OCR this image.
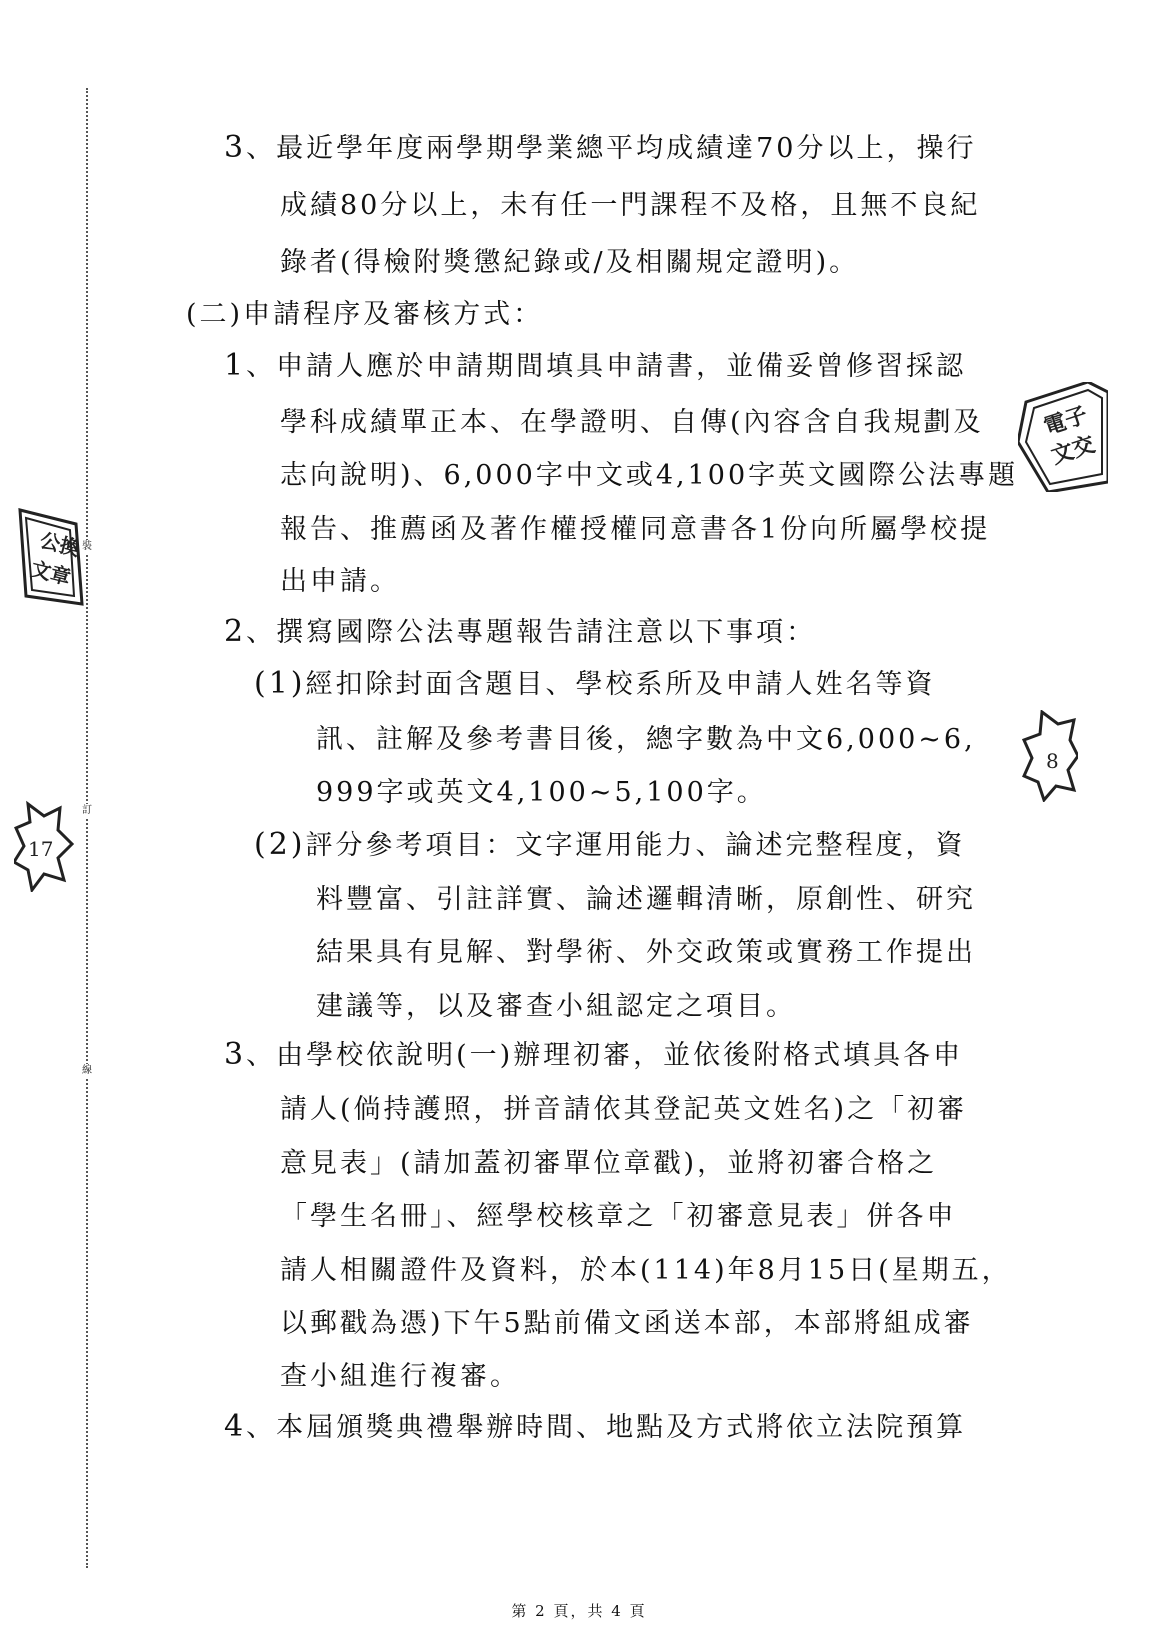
裝
訂
線
3、最近學年度兩學期學業總平均成績達70分以上，操行
成績80分以上，未有任一門課程不及格，且無不良紀
錄者(得檢附獎懲紀錄或/及相關規定證明)。
(二)申請程序及審核方式：
1、申請人應於申請期間填具申請書，並備妥曾修習採認
學科成績單正本、在學證明、自傳(內容含自我規劃及
志向說明)、6,000字中文或4,100字英文國際公法專題
報告、推薦函及著作權授權同意書各1份向所屬學校提
出申請。
2、撰寫國際公法專題報告請注意以下事項：
(1)經扣除封面含題目、學校系所及申請人姓名等資
訊、註解及參考書目後，總字數為中文6,000~6,
999字或英文4,100~5,100字。
(2)評分參考項目：文字運用能力、論述完整程度，資
料豐富、引註詳實、論述邏輯清晰，原創性、研究
結果具有見解、對學術、外交政策或實務工作提出
建議等，以及審查小組認定之項目。
3、由學校依說明(一)辦理初審，並依後附格式填具各申
請人(倘持護照，拼音請依其登記英文姓名)之「初審
意見表」(請加蓋初審單位章戳)，並將初審合格之
「學生名冊」、經學校核章之「初審意見表」併各申
請人相關證件及資料，於本(114)年8月15日(星期五，
以郵戳為憑)下午5點前備文函送本部，本部將組成審
查小組進行複審。
4、本屆頒獎典禮舉辦時間、地點及方式將依立法院預算
第 2 頁，共 4 頁
電子
文交
公換
文章
8
17
